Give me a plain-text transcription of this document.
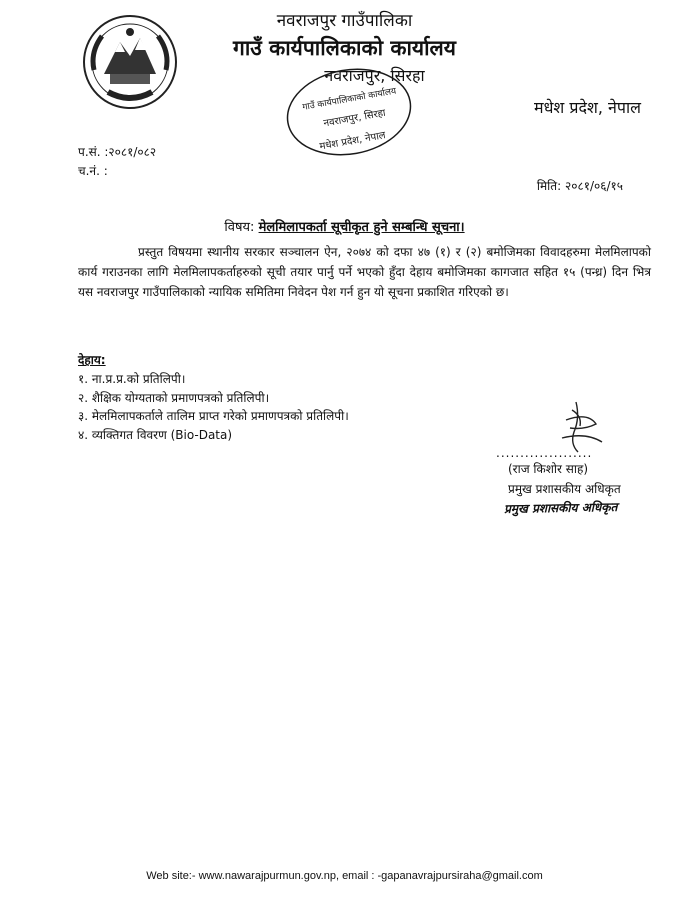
नवराजपुर गाउँपालिका
गाउँ कार्यपालिकाको कार्यालय
नवराजपुर, सिरहा
मधेश प्रदेश, नेपाल
गाउँ कार्यपालिकाको कार्यालय
नवराजपुर, सिरहा
मधेश प्रदेश, नेपाल
प.सं. :२०८१/०८२
च.नं. :
मिति: २०८१/०६/१५
विषय: मेलमिलापकर्ता सूचीकृत हुने सम्बन्धि सूचना।

प्रस्तुत विषयमा स्थानीय सरकार सञ्चालन ऐन, २०७४ को दफा ४७ (१) र (२) बमोजिमका विवादहरुमा मेलमिलापको कार्य गराउनका लागि मेलमिलापकर्ताहरुको सूची तयार पार्नु पर्ने भएको हुँदा देहाय बमोजिमका कागजात सहित १५ (पन्ध्र) दिन भित्र यस नवराजपुर गाउँपालिकाको न्यायिक समितिमा निवेदन पेश गर्न हुन यो सूचना प्रकाशित गरिएको छ।

देहाय:
१. ना.प्र.प्र.को प्रतिलिपी।
२. शैक्षिक योग्यताको प्रमाणपत्रको प्रतिलिपी।
३. मेलमिलापकर्ताले तालिम प्राप्त गरेको प्रमाणपत्रको प्रतिलिपी।
४. व्यक्तिगत विवरण (Bio-Data)
....................
(राज किशोर साह)
प्रमुख प्रशासकीय अधिकृत
प्रमुख प्रशासकीय अधिकृत
Web site:- www.nawarajpurmun.gov.np, email : -gapanavrajpursiraha@gmail.com
